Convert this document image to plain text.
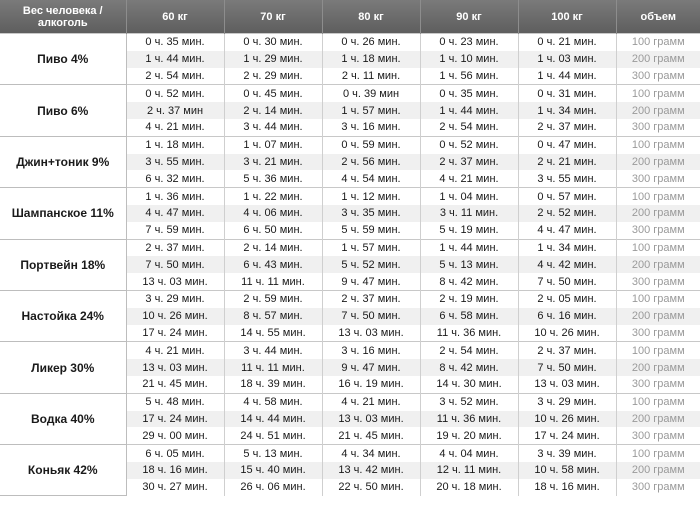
Вес человека / алкоголь	60 кг	70 кг	80 кг	90 кг	100 кг	объем
Пиво 4%	0 ч. 35 мин.	0 ч. 30 мин.	0 ч. 26 мин.	0 ч. 23 мин.	0 ч. 21 мин.	100 грамм
	1 ч. 44 мин.	1 ч. 29 мин.	1 ч. 18 мин.	1 ч. 10 мин.	1 ч. 03 мин.	200 грамм
	2 ч. 54 мин.	2 ч. 29 мин.	2 ч. 11 мин.	1 ч. 56 мин.	1 ч. 44 мин.	300 грамм
Пиво 6%	0 ч. 52 мин.	0 ч. 45 мин.	0 ч. 39 мин	0 ч. 35 мин.	0 ч. 31 мин.	100 грамм
	2 ч. 37 мин	2 ч. 14 мин.	1 ч. 57 мин.	1 ч. 44 мин.	1 ч. 34 мин.	200 грамм
	4 ч. 21 мин.	3 ч. 44 мин.	3 ч. 16 мин.	2 ч. 54 мин.	2 ч. 37 мин.	300 грамм
Джин+тоник 9%	1 ч. 18 мин.	1 ч. 07 мин.	0 ч. 59 мин.	0 ч. 52 мин.	0 ч. 47 мин.	100 грамм
	3 ч. 55 мин.	3 ч. 21 мин.	2 ч. 56 мин.	2 ч. 37 мин.	2 ч. 21 мин.	200 грамм
	6 ч. 32 мин.	5 ч. 36 мин.	4 ч. 54 мин.	4 ч. 21 мин.	3 ч. 55 мин.	300 грамм
Шампанское 11%	1 ч. 36 мин.	1 ч. 22 мин.	1 ч. 12 мин.	1 ч. 04 мин.	0 ч. 57 мин.	100 грамм
	4 ч. 47 мин.	4 ч. 06 мин.	3 ч. 35 мин.	3 ч. 11 мин.	2 ч. 52 мин.	200 грамм
	7 ч. 59 мин.	6 ч. 50 мин.	5 ч. 59 мин.	5 ч. 19 мин.	4 ч. 47 мин.	300 грамм
Портвейн 18%	2 ч. 37 мин.	2 ч. 14 мин.	1 ч. 57 мин.	1 ч. 44 мин.	1 ч. 34 мин.	100 грамм
	7 ч. 50 мин.	6 ч. 43 мин.	5 ч. 52 мин.	5 ч. 13 мин.	4 ч. 42 мин.	200 грамм
	13 ч. 03 мин.	11 ч. 11 мин.	9 ч. 47 мин.	8 ч. 42 мин.	7 ч. 50 мин.	300 грамм
Настойка 24%	3 ч. 29 мин.	2 ч. 59 мин.	2 ч. 37 мин.	2 ч. 19 мин.	2 ч. 05 мин.	100 грамм
	10 ч. 26 мин.	8 ч. 57 мин.	7 ч. 50 мин.	6 ч. 58 мин.	6 ч. 16 мин.	200 грамм
	17 ч. 24 мин.	14 ч. 55 мин.	13 ч. 03 мин.	11 ч. 36 мин.	10 ч. 26 мин.	300 грамм
Ликер 30%	4 ч. 21 мин.	3 ч. 44 мин.	3 ч. 16 мин.	2 ч. 54 мин.	2 ч. 37 мин.	100 грамм
	13 ч. 03 мин.	11 ч. 11 мин.	9 ч. 47 мин.	8 ч. 42 мин.	7 ч. 50 мин.	200 грамм
	21 ч. 45 мин.	18 ч. 39 мин.	16 ч. 19 мин.	14 ч. 30 мин.	13 ч. 03 мин.	300 грамм
Водка 40%	5 ч. 48 мин.	4 ч. 58 мин.	4 ч. 21 мин.	3 ч. 52 мин.	3 ч. 29 мин.	100 грамм
	17 ч. 24 мин.	14 ч. 44 мин.	13 ч. 03 мин.	11 ч. 36 мин.	10 ч. 26 мин.	200 грамм
	29 ч. 00 мин.	24 ч. 51 мин.	21 ч. 45 мин.	19 ч. 20 мин.	17 ч. 24 мин.	300 грамм
Коньяк 42%	6 ч. 05 мин.	5 ч. 13 мин.	4 ч. 34 мин.	4 ч. 04 мин.	3 ч. 39 мин.	100 грамм
	18 ч. 16 мин.	15 ч. 40 мин.	13 ч. 42 мин.	12 ч. 11 мин.	10 ч. 58 мин.	200 грамм
	30 ч. 27 мин.	26 ч. 06 мин.	22 ч. 50 мин.	20 ч. 18 мин.	18 ч. 16 мин.	300 грамм
